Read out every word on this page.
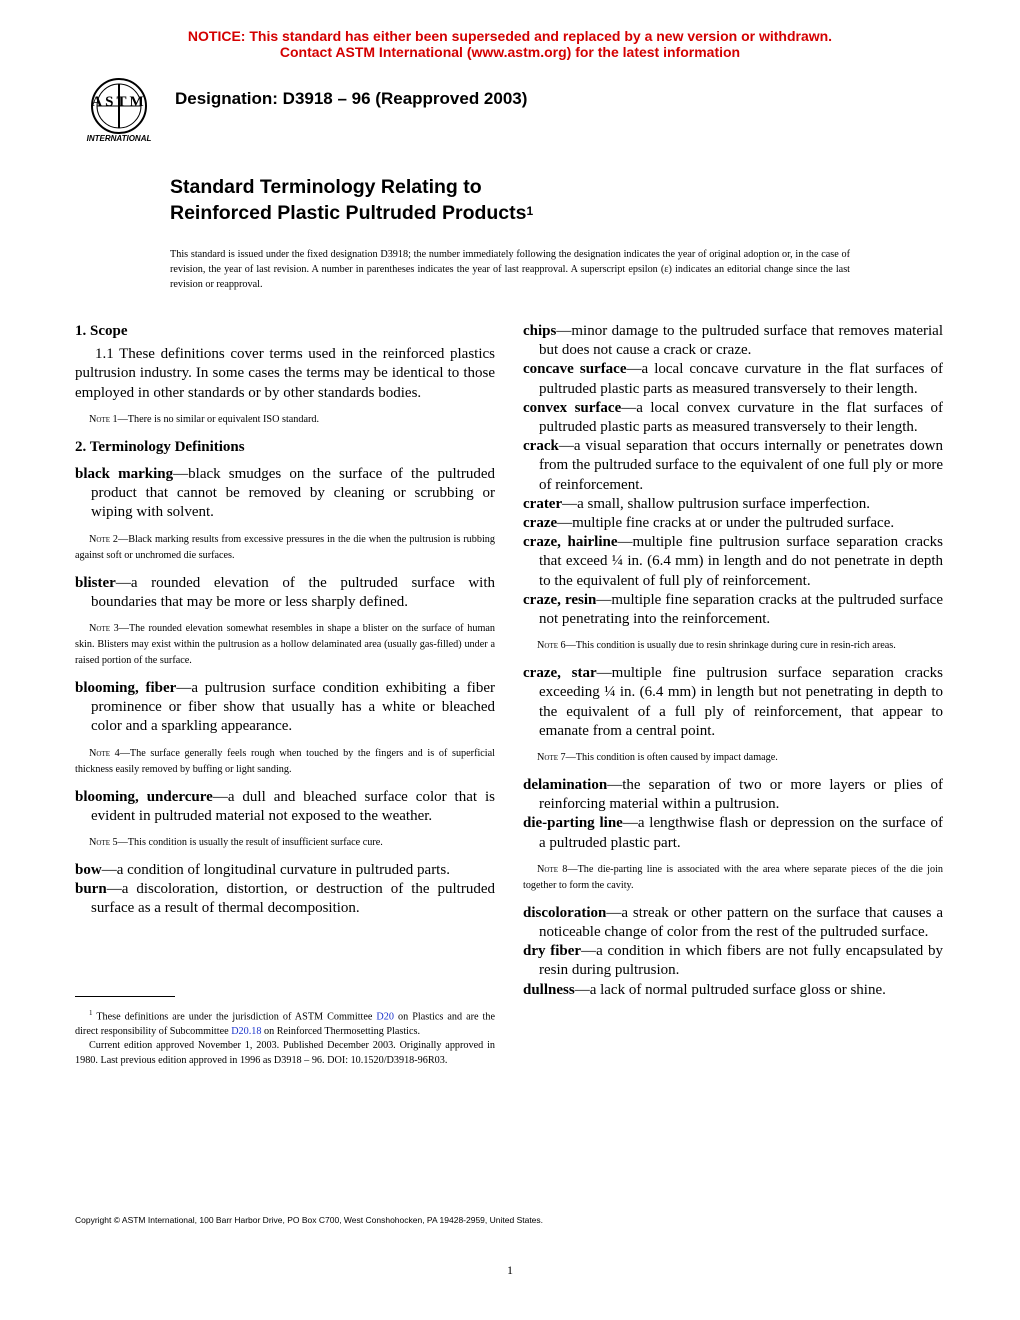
NOTICE: This standard has either been superseded and replaced by a new version or withdrawn.
Contact ASTM International (www.astm.org) for the latest information
INTERNATIONAL
ASTM	Designation: D3918 – 96 (Reapproved 2003)
Standard Terminology Relating to
Reinforced Plastic Pultruded Products$^1$
This standard is issued under the fixed designation D3918; the number immediately following the designation indicates the year of original adoption or, in the case of revision, the year of last revision. A number in parentheses indicates the year of last reapproval. A superscript epsilon (ε) indicates an editorial change since the last revision or reapproval.
1. Scope

1.1 These definitions cover terms used in the reinforced plastics pultrusion industry. In some cases the terms may be identical to those employed in other standards or by other standards bodies.

Note 1—There is no similar or equivalent ISO standard.

2. Terminology Definitions

black marking—black smudges on the surface of the pultruded product that cannot be removed by cleaning or scrubbing or wiping with solvent.

Note 2—Black marking results from excessive pressures in the die when the pultrusion is rubbing against soft or unchromed die surfaces.

blister—a rounded elevation of the pultruded surface with boundaries that may be more or less sharply defined.

Note 3—The rounded elevation somewhat resembles in shape a blister on the surface of human skin. Blisters may exist within the pultrusion as a hollow delaminated area (usually gas-filled) under a raised portion of the surface.

blooming, fiber—a pultrusion surface condition exhibiting a fiber prominence or fiber show that usually has a white or bleached color and a sparkling appearance.

Note 4—The surface generally feels rough when touched by the fingers and is of superficial thickness easily removed by buffing or light sanding.

blooming, undercure—a dull and bleached surface color that is evident in pultruded material not exposed to the weather.

Note 5—This condition is usually the result of insufficient surface cure.

bow—a condition of longitudinal curvature in pultruded parts.

burn—a discoloration, distortion, or destruction of the pultruded surface as a result of thermal decomposition.

$^1$ These definitions are under the jurisdiction of ASTM Committee D20 on Plastics and are the direct responsibility of Subcommittee D20.18 on Reinforced Thermosetting Plastics.

Current edition approved November 1, 2003. Published December 2003. Originally approved in 1980. Last previous edition approved in 1996 as D3918 – 96. DOI: 10.1520/D3918-96R03.

chips—minor damage to the pultruded surface that removes material but does not cause a crack or craze.

concave surface—a local concave curvature in the flat surfaces of pultruded plastic parts as measured transversely to their length.

convex surface—a local convex curvature in the flat surfaces of pultruded plastic parts as measured transversely to their length.

crack—a visual separation that occurs internally or penetrates down from the pultruded surface to the equivalent of one full ply or more of reinforcement.

crater—a small, shallow pultrusion surface imperfection.

craze—multiple fine cracks at or under the pultruded surface.

craze, hairline—multiple fine pultrusion surface separation cracks that exceed ¼ in. (6.4 mm) in length and do not penetrate in depth to the equivalent of full ply of reinforcement.

craze, resin—multiple fine separation cracks at the pultruded surface not penetrating into the reinforcement.

Note 6—This condition is usually due to resin shrinkage during cure in resin-rich areas.

craze, star—multiple fine pultrusion surface separation cracks exceeding ¼ in. (6.4 mm) in length but not penetrating in depth to the equivalent of a full ply of reinforcement, that appear to emanate from a central point.

Note 7—This condition is often caused by impact damage.

delamination—the separation of two or more layers or plies of reinforcing material within a pultrusion.

die-parting line—a lengthwise flash or depression on the surface of a pultruded plastic part.

Note 8—The die-parting line is associated with the area where separate pieces of the die join together to form the cavity.

discoloration—a streak or other pattern on the surface that causes a noticeable change of color from the rest of the pultruded surface.

dry fiber—a condition in which fibers are not fully encapsulated by resin during pultrusion.

dullness—a lack of normal pultruded surface gloss or shine.

Copyright © ASTM International, 100 Barr Harbor Drive, PO Box C700, West Conshohocken, PA 19428-2959, United States.
1
